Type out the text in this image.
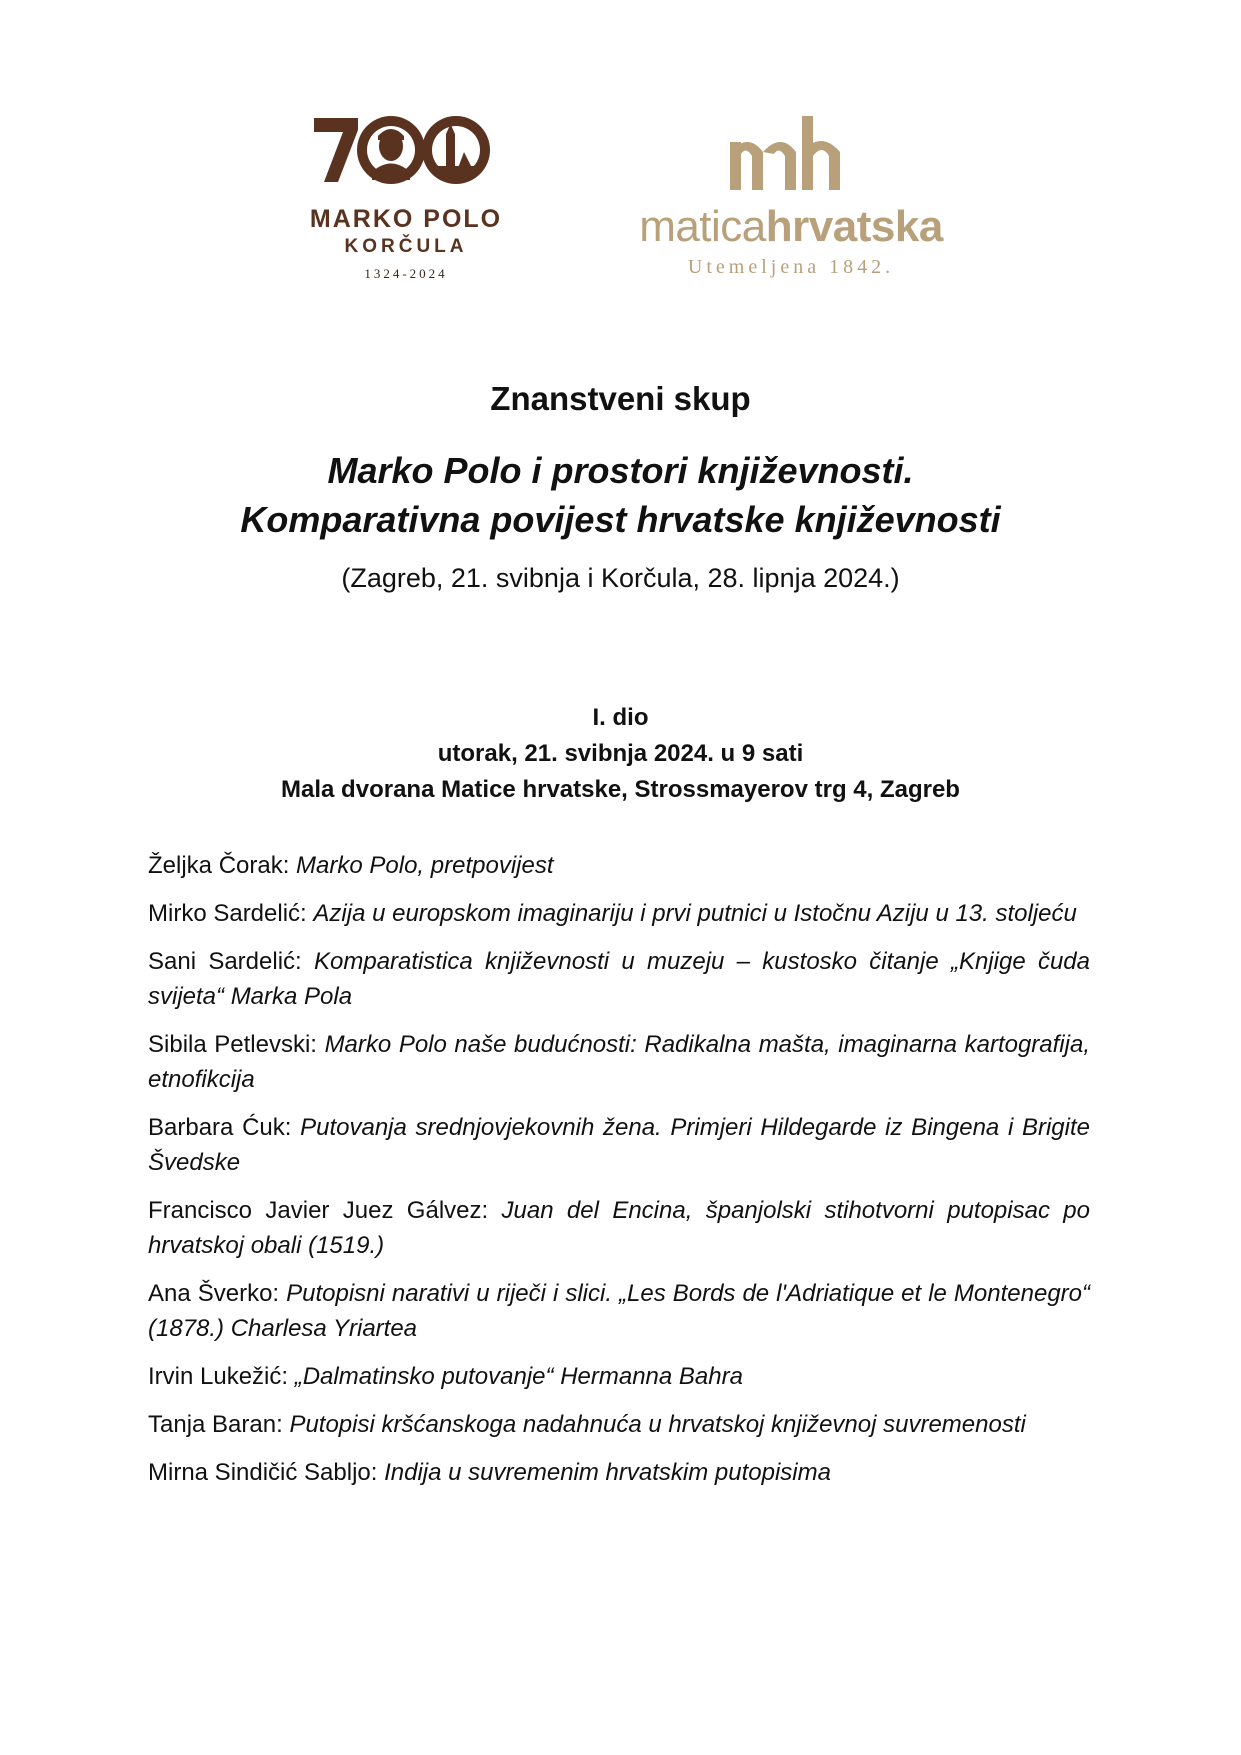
MARKO POLO
KORČULA
1324-2024
maticahrvatska
Utemeljena 1842.
Znanstveni skup
Marko Polo i prostori književnosti.
Komparativna povijest hrvatske književnosti
(Zagreb, 21. svibnja i Korčula, 28. lipnja 2024.)
I. dio
utorak, 21. svibnja 2024. u 9 sati
Mala dvorana Matice hrvatske, Strossmayerov trg 4, Zagreb
Željka Čorak: Marko Polo, pretpovijest
Mirko Sardelić: Azija u europskom imaginariju i prvi putnici u Istočnu Aziju u 13. stoljeću
Sani Sardelić: Komparatistica književnosti u muzeju – kustosko čitanje „Knjige čuda svijeta“ Marka Pola
Sibila Petlevski: Marko Polo naše budućnosti: Radikalna mašta, imaginarna kartografija, etnofikcija
Barbara Ćuk: Putovanja srednjovjekovnih žena. Primjeri Hildegarde iz Bingena i Brigite Švedske
Francisco Javier Juez Gálvez: Juan del Encina, španjolski stihotvorni putopisac po hrvatskoj obali (1519.)
Ana Šverko: Putopisni narativi u riječi i slici. „Les Bords de l'Adriatique et le Montenegro“ (1878.) Charlesa Yriartea
Irvin Lukežić: „Dalmatinsko putovanje“ Hermanna Bahra
Tanja Baran: Putopisi kršćanskoga nadahnuća u hrvatskoj književnoj suvremenosti
Mirna Sindičić Sabljo: Indija u suvremenim hrvatskim putopisima
